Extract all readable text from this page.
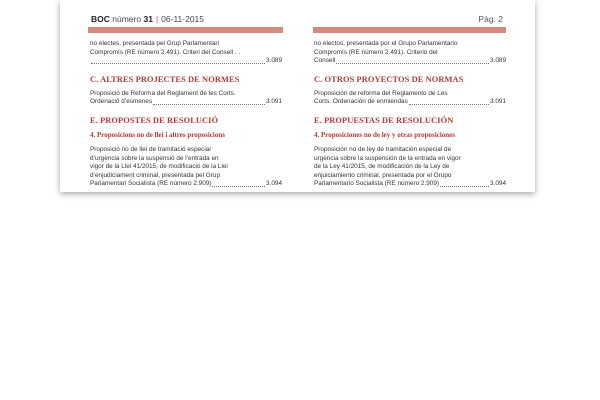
BOC número 31 | 06-11-2015	Pàg. 2
no electes, presentada pel Grup Parlamentari
Compromís (RE número 2.491). Criteri del Consell . .
3.089
C. ALTRES PROJECTES DE NORMES
Proposició de Reforma del Reglament de les Corts.
Ordenació d’esmenes	3.091
E. PROPOSTES DE RESOLUCIÓ
4. Proposicions no de llei i altres proposicions
Proposició no de llei de tramitació especial
d’urgència sobre la suspensió de l’entrada en
vigor de la Llei 41/2015, de modificació de la Llei
d’enjudiciament criminal, presentada pel Grup
Parlamentari Socialista (RE número 2.909)	3.094
no electos, presentada por el Grupo Parlamentario
Compromís (RE número 2.491). Criterio del
Consell	3.089
C. OTROS PROYECTOS DE NORMAS
Proposición de reforma del Reglamento de Les
Corts. Ordenación de enmiendas	3.091
E. PROPUESTAS DE RESOLUCIÓN
4. Proposiciones no de ley y otras proposiciones
Proposición no de ley de tramitación especial de
urgencia sobre la suspensión de la entrada en vigor
de la Ley 41/2015, de modificación de la Ley de
enjuiciamiento criminal, presentada por el Grupo
Parlamentario Socialista (RE número 2.909)	3.094
